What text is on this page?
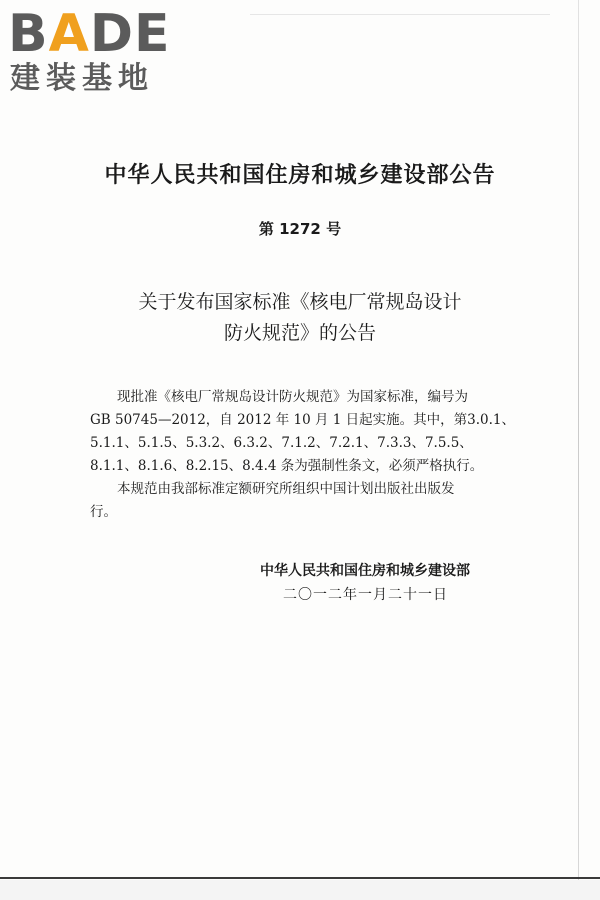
BADE

建装基地

中华人民共和国住房和城乡建设部公告

第 1272 号

关于发布国家标准《核电厂常规岛设计

防火规范》的公告

　　现批准《核电厂常规岛设计防火规范》为国家标准，编号为
GB 50745—2012，自 2012 年 10 月 1 日起实施。其中，第3.0.1、
5.1.1、5.1.5、5.3.2、6.3.2、7.1.2、7.2.1、7.3.3、7.5.5、
8.1.1、8.1.6、8.2.15、8.4.4 条为强制性条文，必须严格执行。

　　本规范由我部标准定额研究所组织中国计划出版社出版发
行。

中华人民共和国住房和城乡建设部

二〇一二年一月二十一日
